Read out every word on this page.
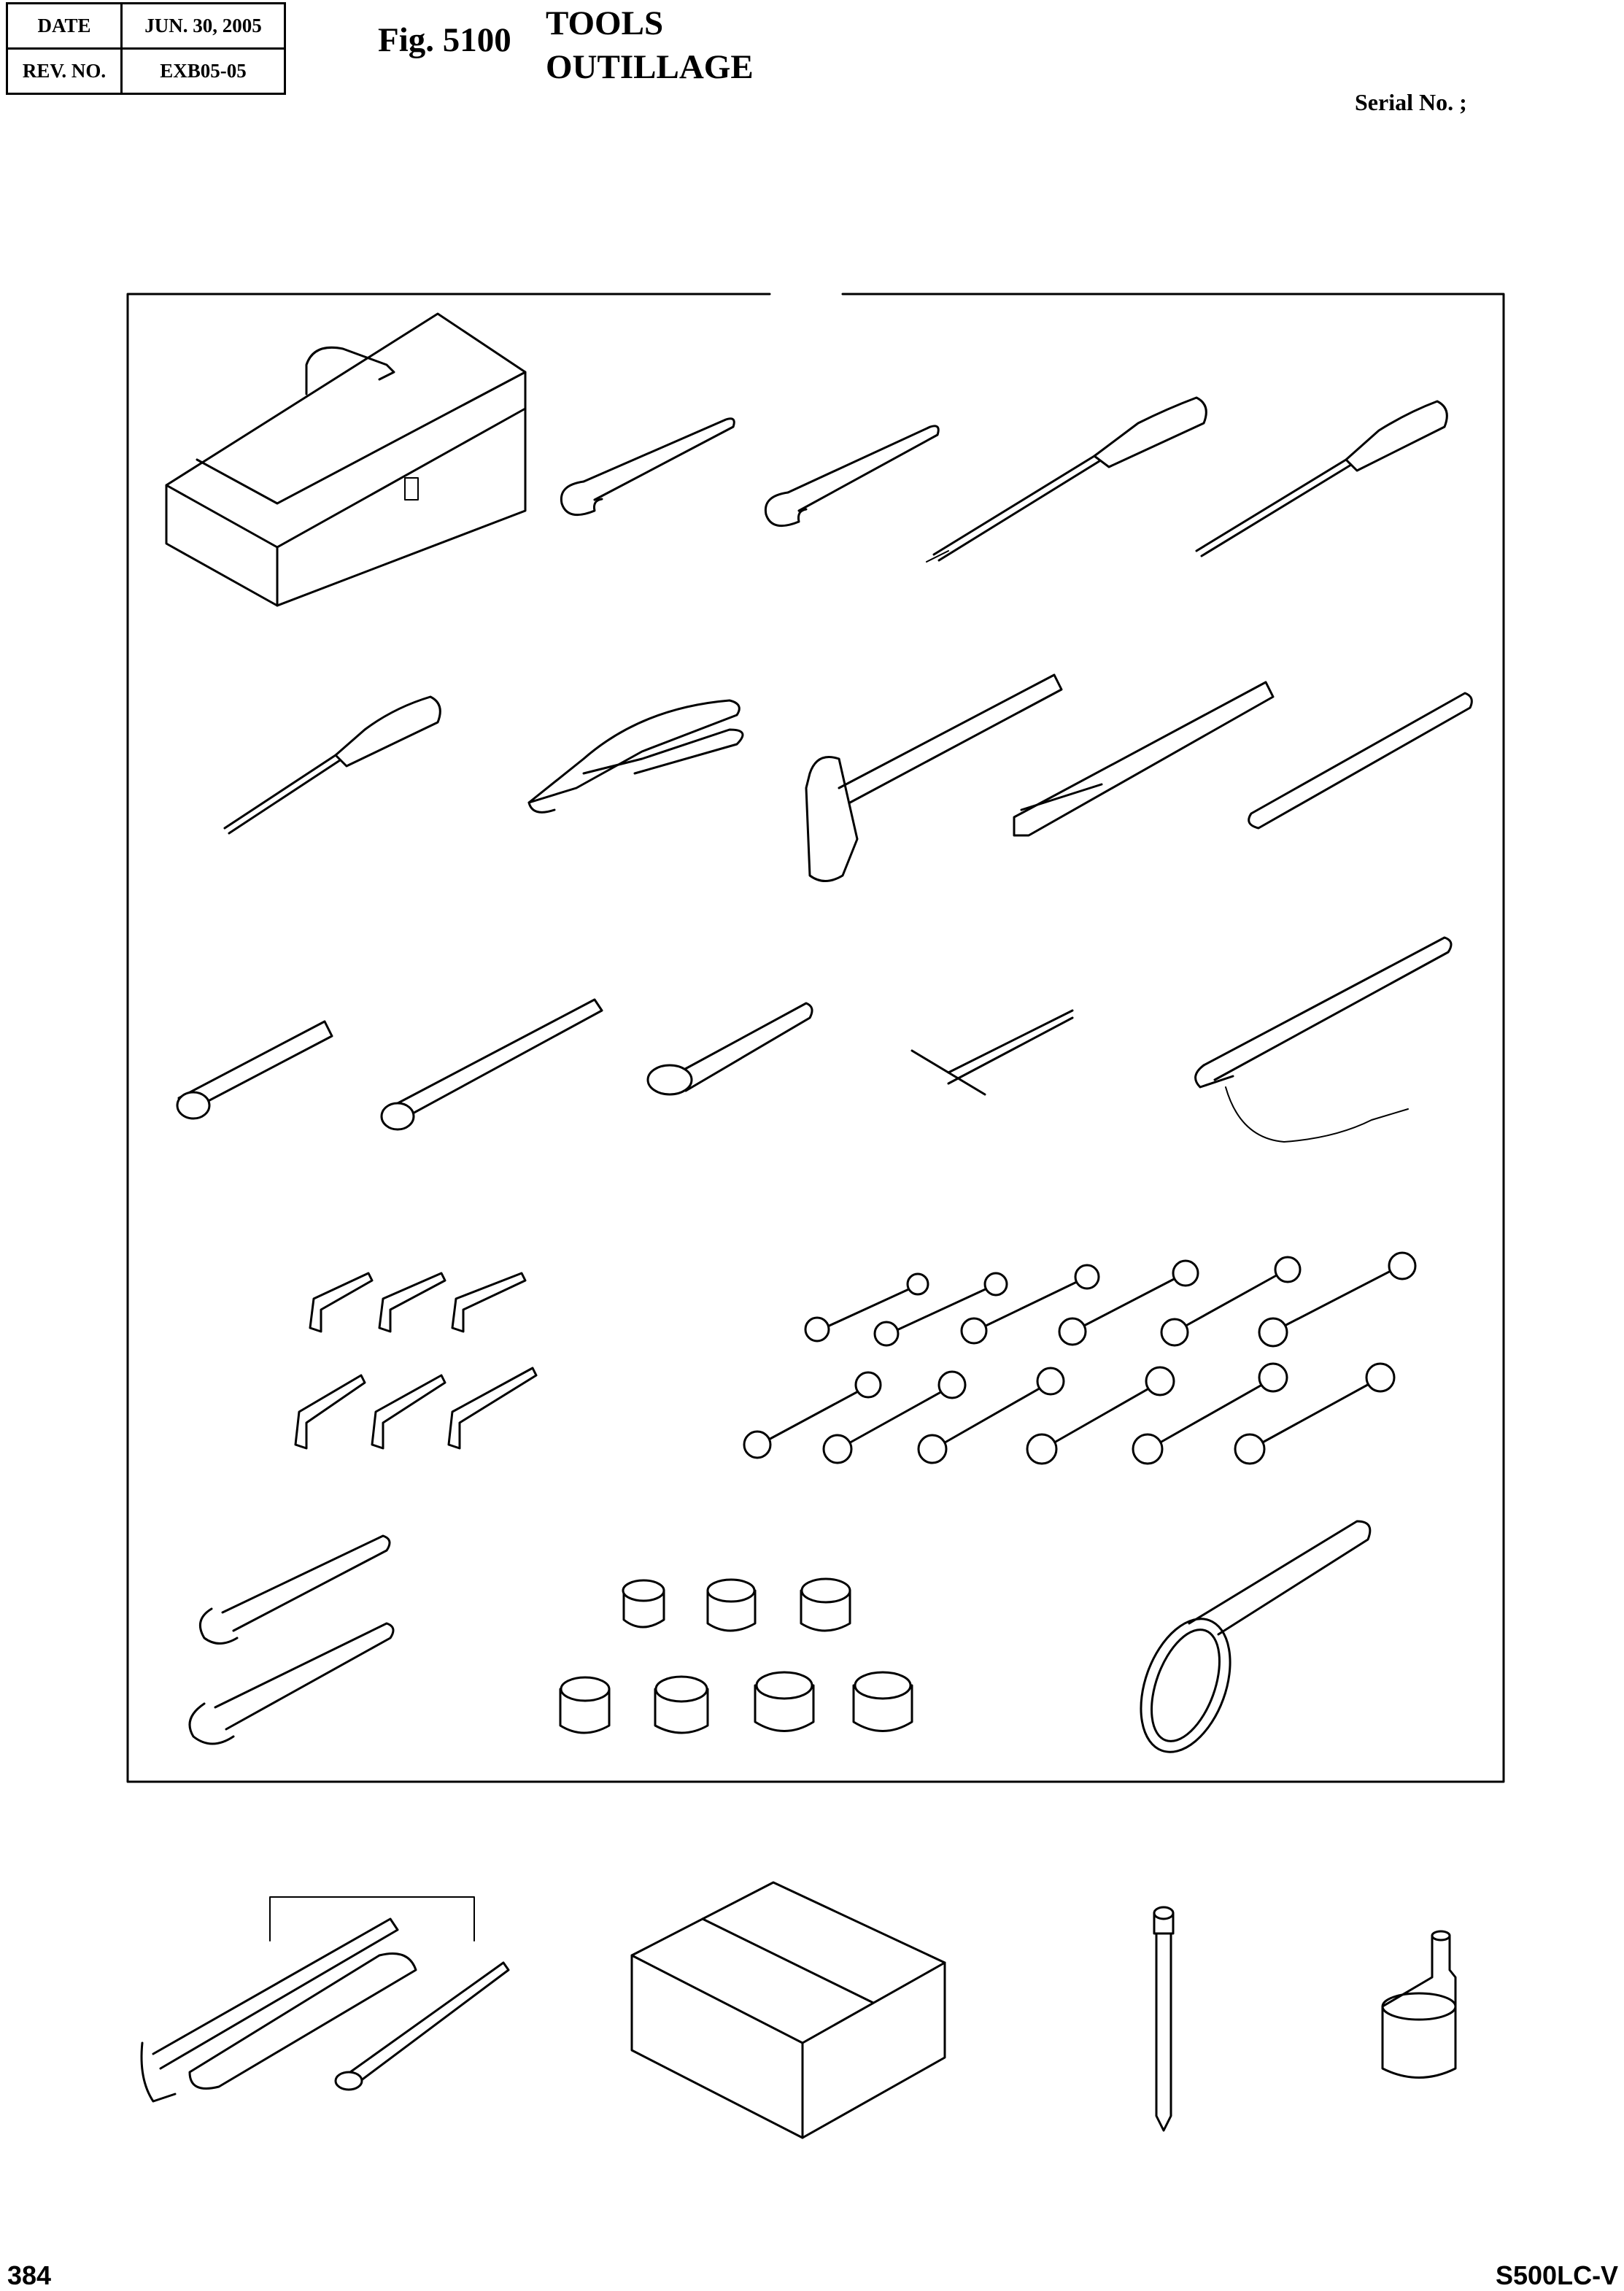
DATE	JUN. 30, 2005
REV. NO.	EXB05-05
Fig. 5100 TOOLS
OUTILLAGE
Serial No. ;
384	S500LC-V
